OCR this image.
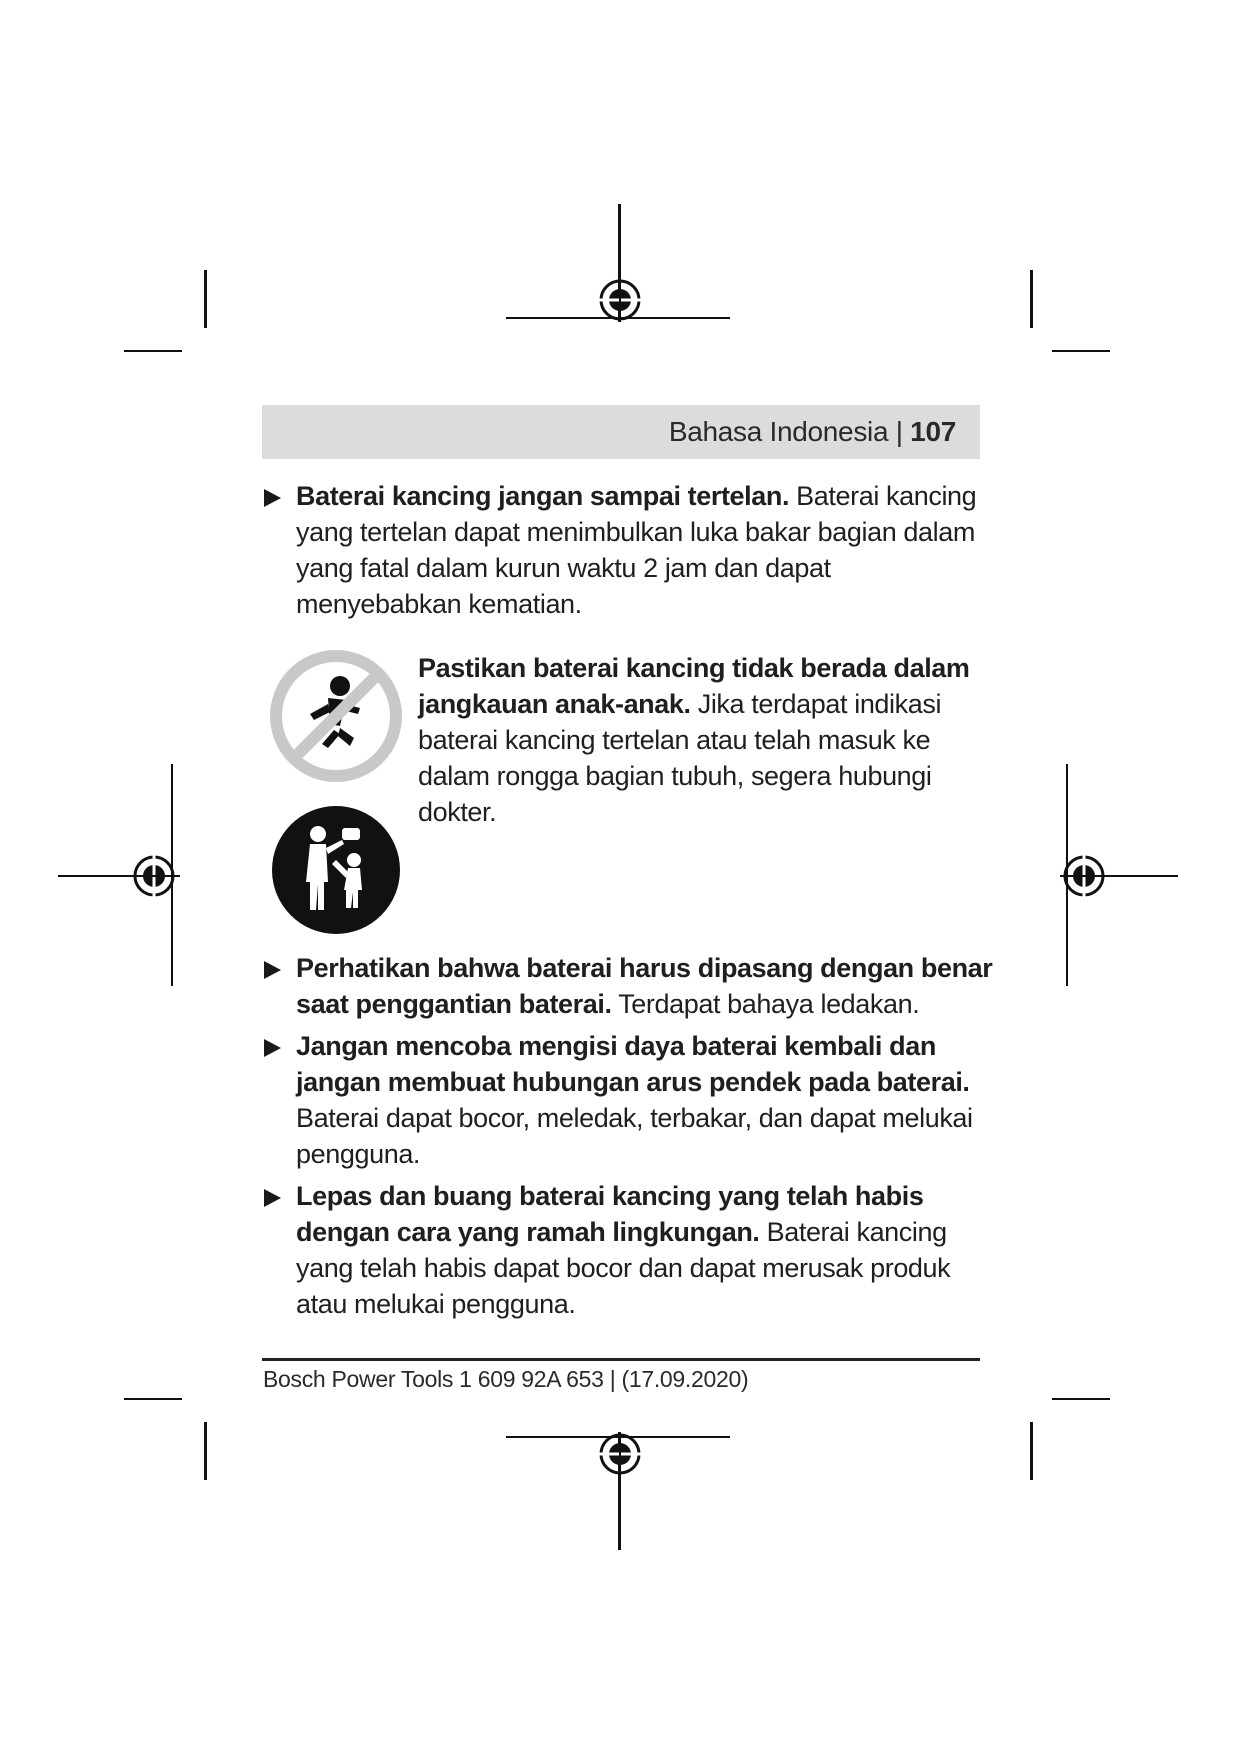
Bahasa Indonesia | 107
Baterai kancing jangan sampai tertelan. Baterai kancing yang tertelan dapat menimbulkan luka bakar bagian dalam yang fatal dalam kurun waktu 2 jam dan dapat menyebabkan kematian.
Pastikan baterai kancing tidak berada dalam jangkauan anak-anak. Jika terdapat indikasi baterai kancing tertelan atau telah masuk ke dalam rongga bagian tubuh, segera hubungi dokter.
Perhatikan bahwa baterai harus dipasang dengan benar saat penggantian baterai. Terdapat bahaya ledakan.
Jangan mencoba mengisi daya baterai kembali dan jangan membuat hubungan arus pendek pada baterai.
Baterai dapat bocor, meledak, terbakar, dan dapat melukai pengguna.
Lepas dan buang baterai kancing yang telah habis dengan cara yang ramah lingkungan. Baterai kancing yang telah habis dapat bocor dan dapat merusak produk atau melukai pengguna.
Bosch Power Tools 1 609 92A 653 | (17.09.2020)
